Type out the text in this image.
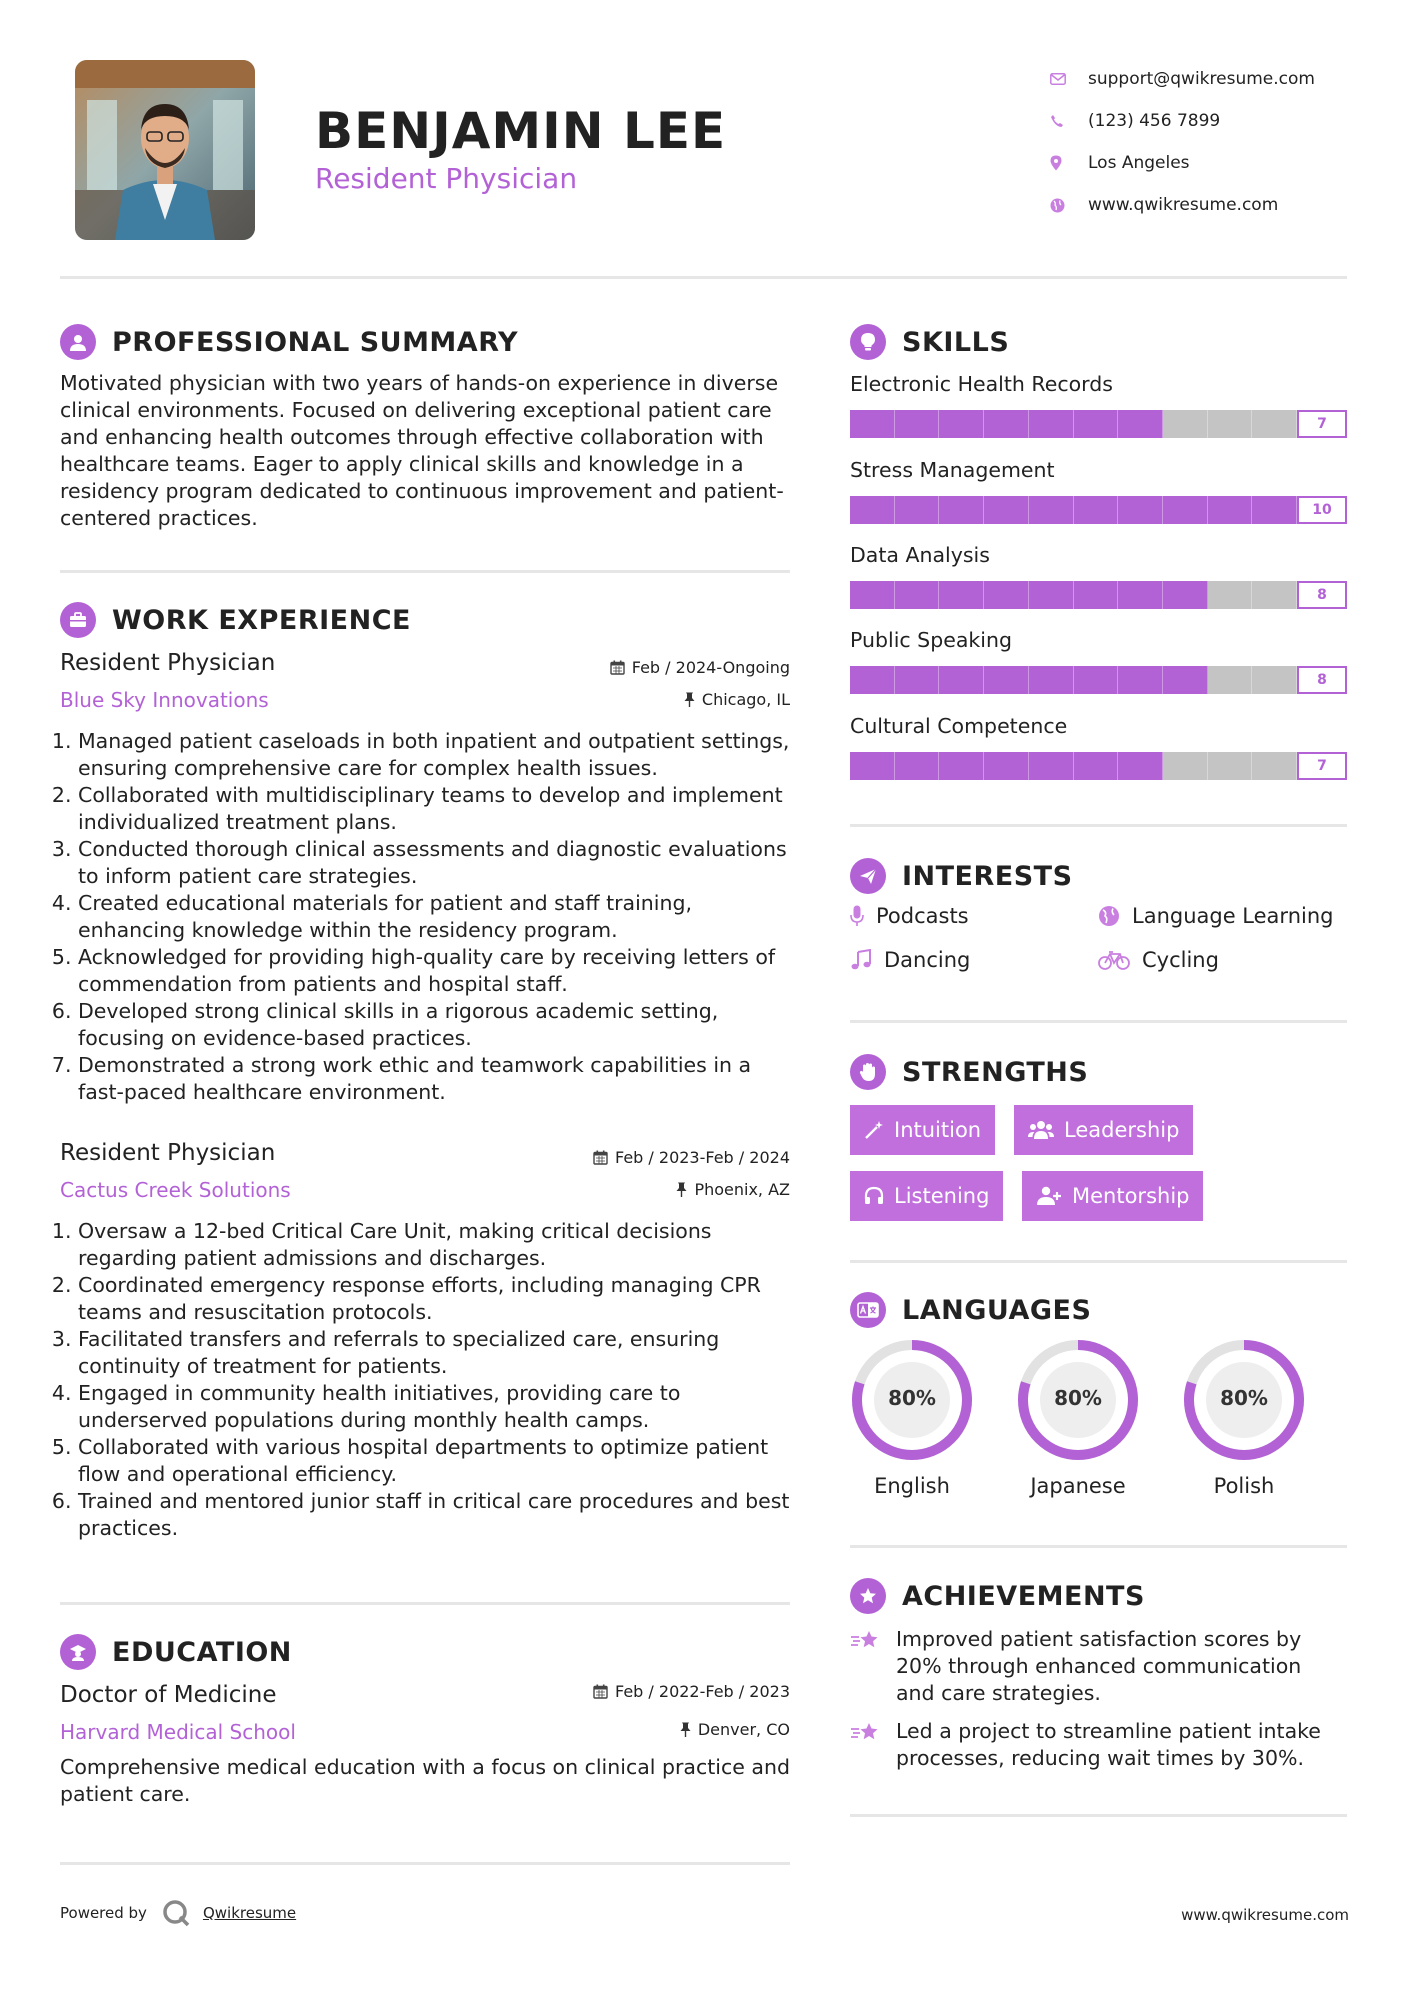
BENJAMIN LEE
Resident Physician
support@qwikresume.com
(123) 456 7899
Los Angeles
www.qwikresume.com
PROFESSIONAL SUMMARY
Motivated physician with two years of hands-on experience in diverse clinical environments. Focused on delivering exceptional patient care and enhancing health outcomes through effective collaboration with healthcare teams. Eager to apply clinical skills and knowledge in a residency program dedicated to continuous improvement and patient-centered practices.
WORK EXPERIENCE
Resident Physician	Feb / 2024-Ongoing
Blue Sky Innovations	Chicago, IL
1. Managed patient caseloads in both inpatient and outpatient settings, ensuring comprehensive care for complex health issues.
2. Collaborated with multidisciplinary teams to develop and implement individualized treatment plans.
3. Conducted thorough clinical assessments and diagnostic evaluations to inform patient care strategies.
4. Created educational materials for patient and staff training, enhancing knowledge within the residency program.
5. Acknowledged for providing high-quality care by receiving letters of commendation from patients and hospital staff.
6. Developed strong clinical skills in a rigorous academic setting, focusing on evidence-based practices.
7. Demonstrated a strong work ethic and teamwork capabilities in a fast-paced healthcare environment.
Resident Physician	Feb / 2023-Feb / 2024
Cactus Creek Solutions	Phoenix, AZ
1. Oversaw a 12-bed Critical Care Unit, making critical decisions regarding patient admissions and discharges.
2. Coordinated emergency response efforts, including managing CPR teams and resuscitation protocols.
3. Facilitated transfers and referrals to specialized care, ensuring continuity of treatment for patients.
4. Engaged in community health initiatives, providing care to underserved populations during monthly health camps.
5. Collaborated with various hospital departments to optimize patient flow and operational efficiency.
6. Trained and mentored junior staff in critical care procedures and best practices.
EDUCATION
Doctor of Medicine	Feb / 2022-Feb / 2023
Harvard Medical School	Denver, CO
Comprehensive medical education with a focus on clinical practice and patient care.
SKILLS
Electronic Health Records
7
Stress Management
10
Data Analysis
8
Public Speaking
8
Cultural Competence
7
INTERESTS
Podcasts	Language Learning
Dancing	Cycling
STRENGTHS
Intuition	Leadership
Listening	Mentorship
LANGUAGES
80%
English
80%
Japanese
80%
Polish
ACHIEVEMENTS
Improved patient satisfaction scores by 20% through enhanced communication and care strategies.
Led a project to streamline patient intake processes, reducing wait times by 30%.
Powered by	Qwikresume	www.qwikresume.com
